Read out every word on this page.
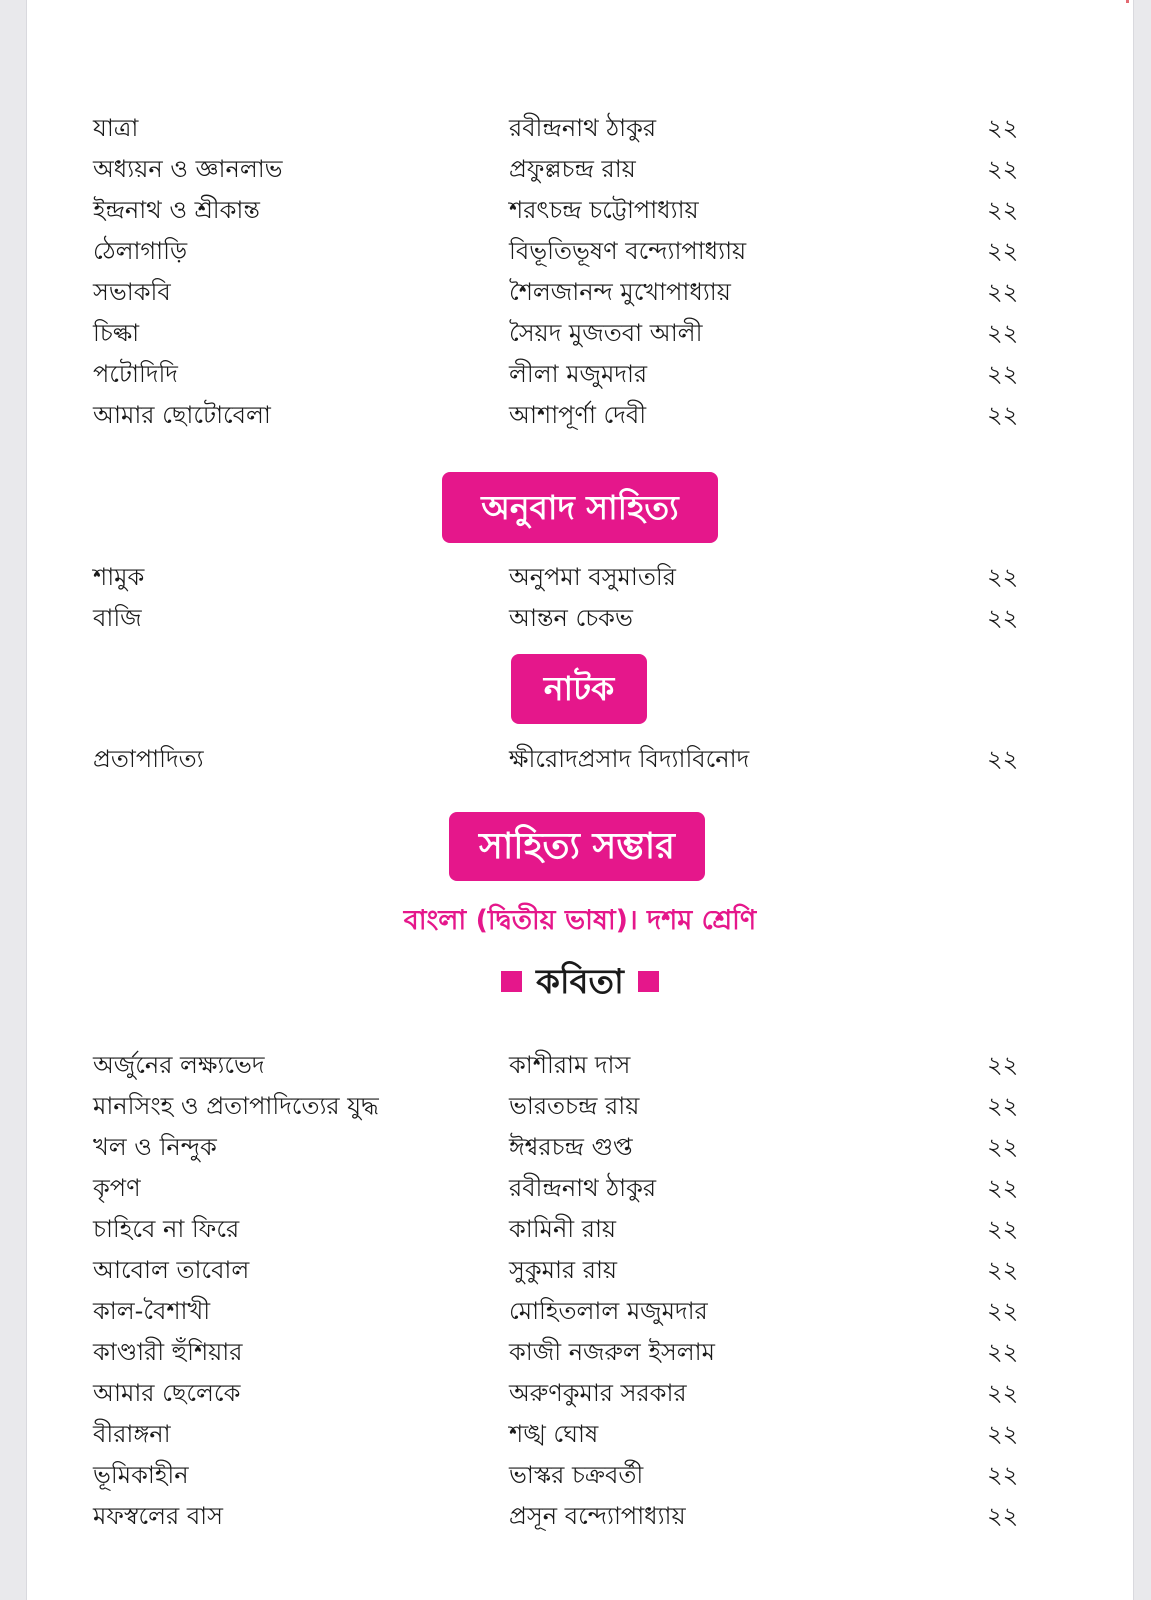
যাত্রা	রবীন্দ্রনাথ ঠাকুর	২২
অধ্যয়ন ও জ্ঞানলাভ	প্রফুল্লচন্দ্র রায়	২২
ইন্দ্রনাথ ও শ্রীকান্ত	শরৎচন্দ্র চট্টোপাধ্যায়	২২
ঠেলাগাড়ি	বিভূতিভূষণ বন্দ্যোপাধ্যায়	২২
সভাকবি	শৈলজানন্দ মুখোপাধ্যায়	২২
চিল্কা	সৈয়দ মুজতবা আলী	২২
পটোদিদি	লীলা মজুমদার	২২
আমার ছোটোবেলা	আশাপূর্ণা দেবী	২২
অনুবাদ সাহিত্য
শামুক	অনুপমা বসুমাতরি	২২
বাজি	আন্তন চেকভ	২২
নাটক
প্রতাপাদিত্য	ক্ষীরোদপ্রসাদ বিদ্যাবিনোদ	২২
সাহিত্য সম্ভার
বাংলা (দ্বিতীয় ভাষা)। দশম শ্রেণি
কবিতা
অর্জুনের লক্ষ্যভেদ	কাশীরাম দাস	২২
মানসিংহ ও প্রতাপাদিত্যের যুদ্ধ	ভারতচন্দ্র রায়	২২
খল ও নিন্দুক	ঈশ্বরচন্দ্র গুপ্ত	২২
কৃপণ	রবীন্দ্রনাথ ঠাকুর	২২
চাহিবে না ফিরে	কামিনী রায়	২২
আবোল তাবোল	সুকুমার রায়	২২
কাল-বৈশাখী	মোহিতলাল মজুমদার	২২
কাণ্ডারী হুঁশিয়ার	কাজী নজরুল ইসলাম	২২
আমার ছেলেকে	অরুণকুমার সরকার	২২
বীরাঙ্গনা	শঙ্খ ঘোষ	২২
ভূমিকাহীন	ভাস্কর চক্রবর্তী	২২
মফস্বলের বাস	প্রসূন বন্দ্যোপাধ্যায়	২২
